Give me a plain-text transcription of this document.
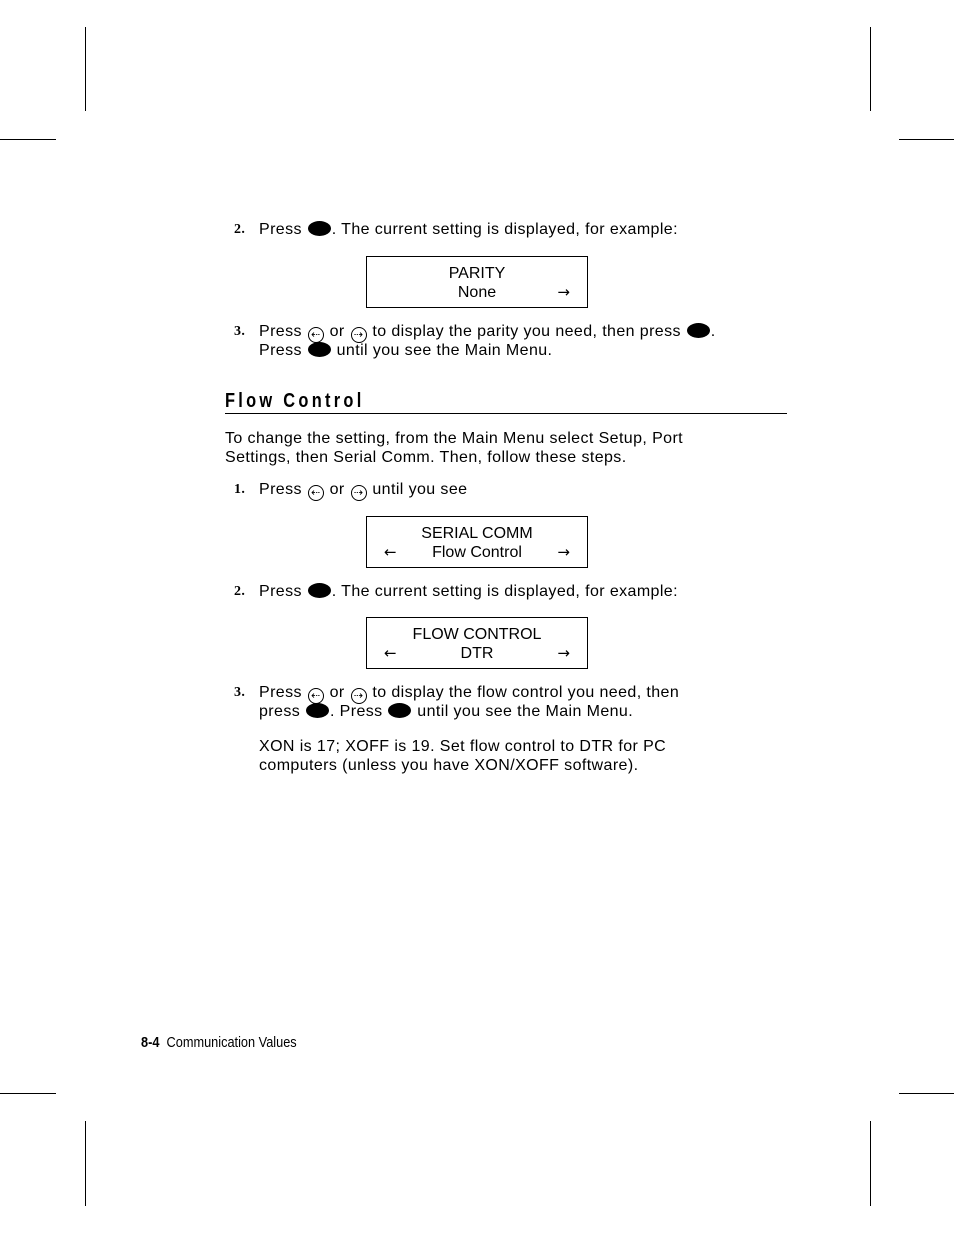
2. Press . The current setting is displayed, for example:
PARITY
None	→
3. Press ⇠ or ⇢ to display the parity you need, then press .
Press until you see the Main Menu.
Flow Control
To change the setting, from the Main Menu select Setup, Port
Settings, then Serial Comm. Then, follow these steps.
1. Press ⇠ or ⇢ until you see
SERIAL COMM
←	Flow Control	→
2. Press . The current setting is displayed, for example:
FLOW CONTROL
←	DTR	→
3. Press ⇠ or ⇢ to display the flow control you need, then
press . Press until you see the Main Menu.
XON is 17; XOFF is 19. Set flow control to DTR for PC
computers (unless you have XON/XOFF software).
8-4 Communication Values
